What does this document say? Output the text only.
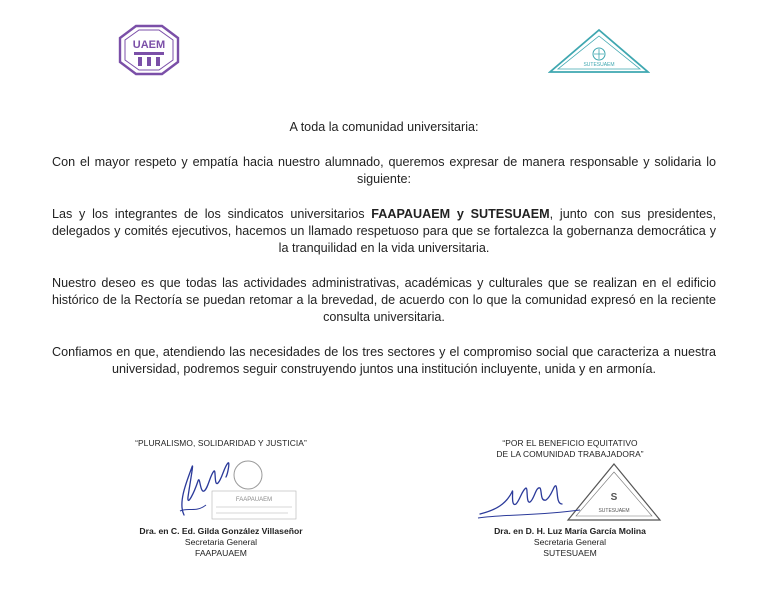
UAEM
SUTESUAEM

A toda la comunidad universitaria:

Con el mayor respeto y empatía hacia nuestro alumnado, queremos expresar de manera responsable y solidaria lo siguiente:

Las y los integrantes de los sindicatos universitarios FAAPAUAEM y SUTESUAEM, junto con sus presidentes, delegados y comités ejecutivos, hacemos un llamado respetuoso para que se fortalezca la gobernanza democrática y la tranquilidad en la vida universitaria.

Nuestro deseo es que todas las actividades administrativas, académicas y culturales que se realizan en el edificio histórico de la Rectoría se puedan retomar a la brevedad, de acuerdo con lo que la comunidad expresó en la reciente consulta universitaria.

Confiamos en que, atendiendo las necesidades de los tres sectores y el compromiso social que caracteriza a nuestra universidad, podremos seguir construyendo juntos una institución incluyente, unida y en armonía.

“PLURALISMO, SOLIDARIDAD Y JUSTICIA”
FAAPAUAEM
Dra. en C. Ed. Gilda González Villaseñor
Secretaria General
FAAPAUAEM
“POR EL BENEFICIO EQUITATIVO
DE LA COMUNIDAD TRABAJADORA”
S
SUTESUAEM
Dra. en D. H. Luz María García Molina
Secretaria General
SUTESUAEM
